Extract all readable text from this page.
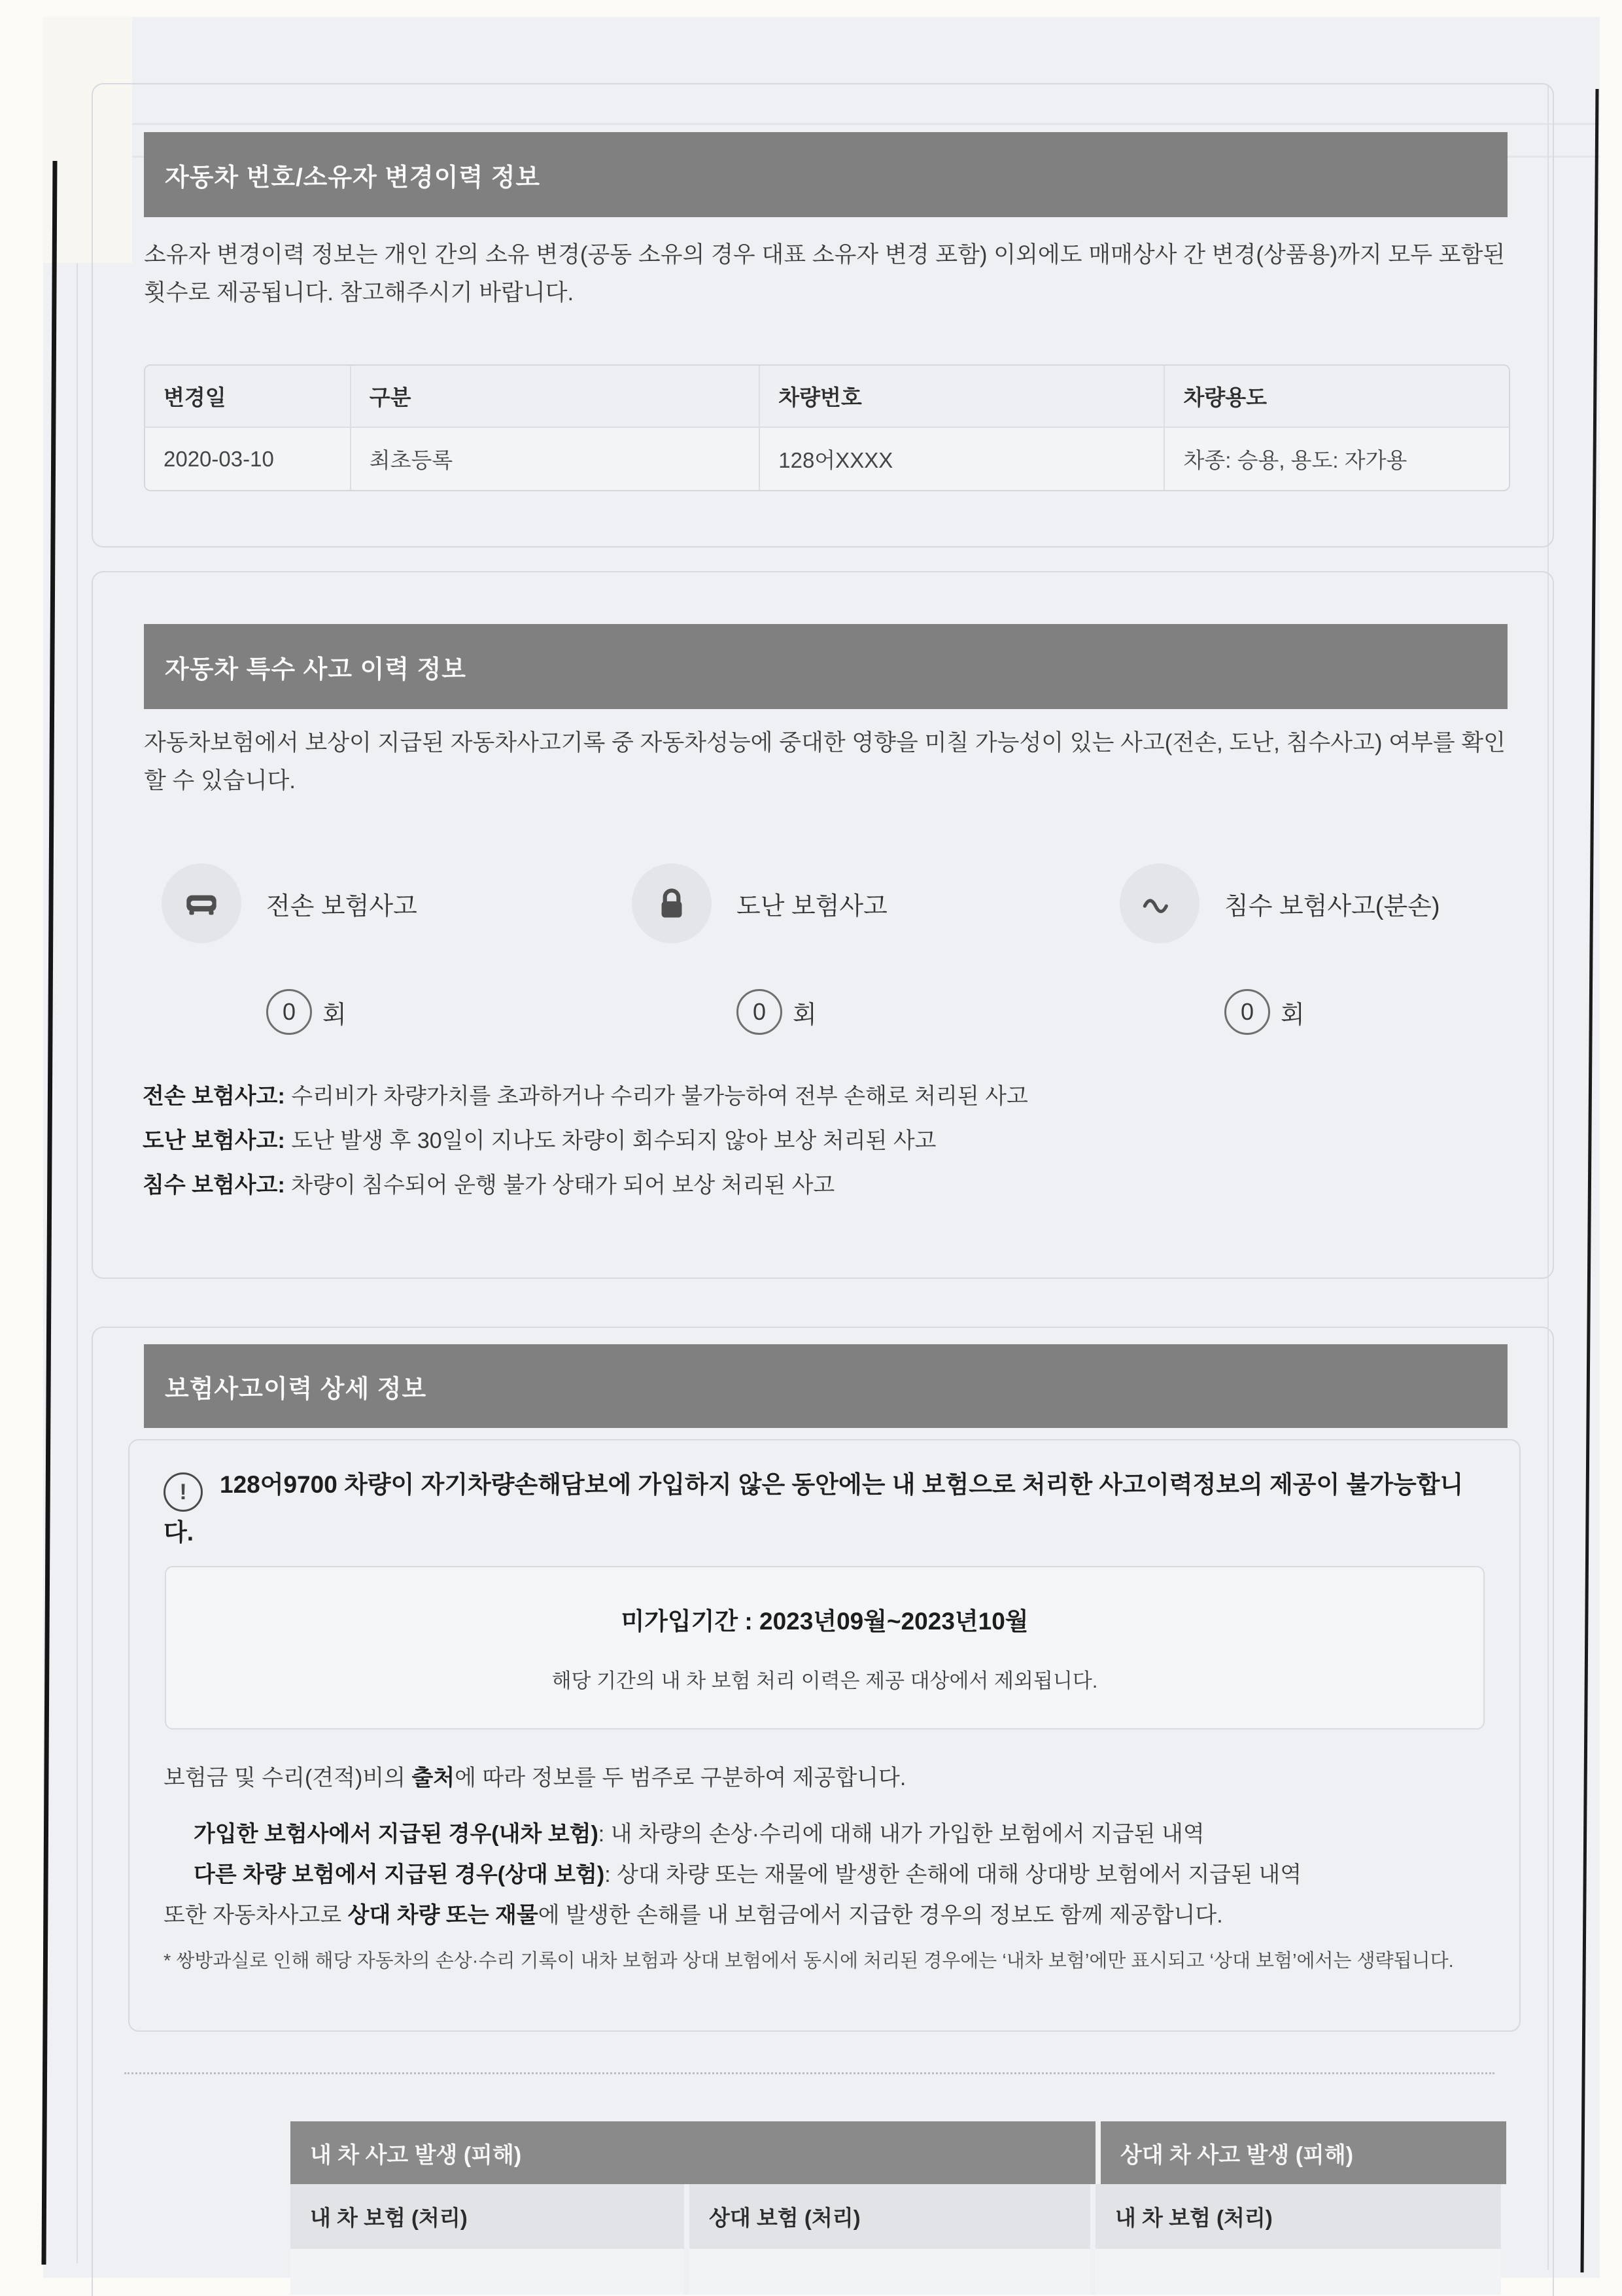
자동차 번호/소유자 변경이력 정보
소유자 변경이력 정보는 개인 간의 소유 변경(공동 소유의 경우 대표 소유자 변경 포함) 이외에도 매매상사 간 변경(상품용)까지 모두 포함된 횟수로 제공됩니다. 참고해주시기 바랍니다.
변경일	구분	차량번호	차량용도
2020-03-10	최초등록	128어XXXX	차종: 승용, 용도: 자가용
자동차 특수 사고 이력 정보
자동차보험에서 보상이 지급된 자동차사고기록 중 자동차성능에 중대한 영향을 미칠 가능성이 있는 사고(전손, 도난, 침수사고) 여부를 확인할 수 있습니다.
전손 보험사고
0	회
도난 보험사고
0	회
침수 보험사고(분손)
0	회
전손 보험사고: 수리비가 차량가치를 초과하거나 수리가 불가능하여 전부 손해로 처리된 사고
도난 보험사고: 도난 발생 후 30일이 지나도 차량이 회수되지 않아 보상 처리된 사고
침수 보험사고: 차량이 침수되어 운행 불가 상태가 되어 보상 처리된 사고
보험사고이력 상세 정보
! 128어9700 차량이 자기차량손해담보에 가입하지 않은 동안에는 내 보험으로 처리한 사고이력정보의 제공이 불가능합니다.
미가입기간 : 2023년09월~2023년10월
해당 기간의 내 차 보험 처리 이력은 제공 대상에서 제외됩니다.
보험금 및 수리(견적)비의 출처에 따라 정보를 두 범주로 구분하여 제공합니다.
가입한 보험사에서 지급된 경우(내차 보험): 내 차량의 손상·수리에 대해 내가 가입한 보험에서 지급된 내역
다른 차량 보험에서 지급된 경우(상대 보험): 상대 차량 또는 재물에 발생한 손해에 대해 상대방 보험에서 지급된 내역
또한 자동차사고로 상대 차량 또는 재물에 발생한 손해를 내 보험금에서 지급한 경우의 정보도 함께 제공합니다.
* 쌍방과실로 인해 해당 자동차의 손상·수리 기록이 내차 보험과 상대 보험에서 동시에 처리된 경우에는 ‘내차 보험’에만 표시되고 ‘상대 보험’에서는 생략됩니다.
내 차 사고 발생 (피해)	상대 차 사고 발생 (피해)
내 차 보험 (처리)	상대 보험 (처리)	내 차 보험 (처리)
